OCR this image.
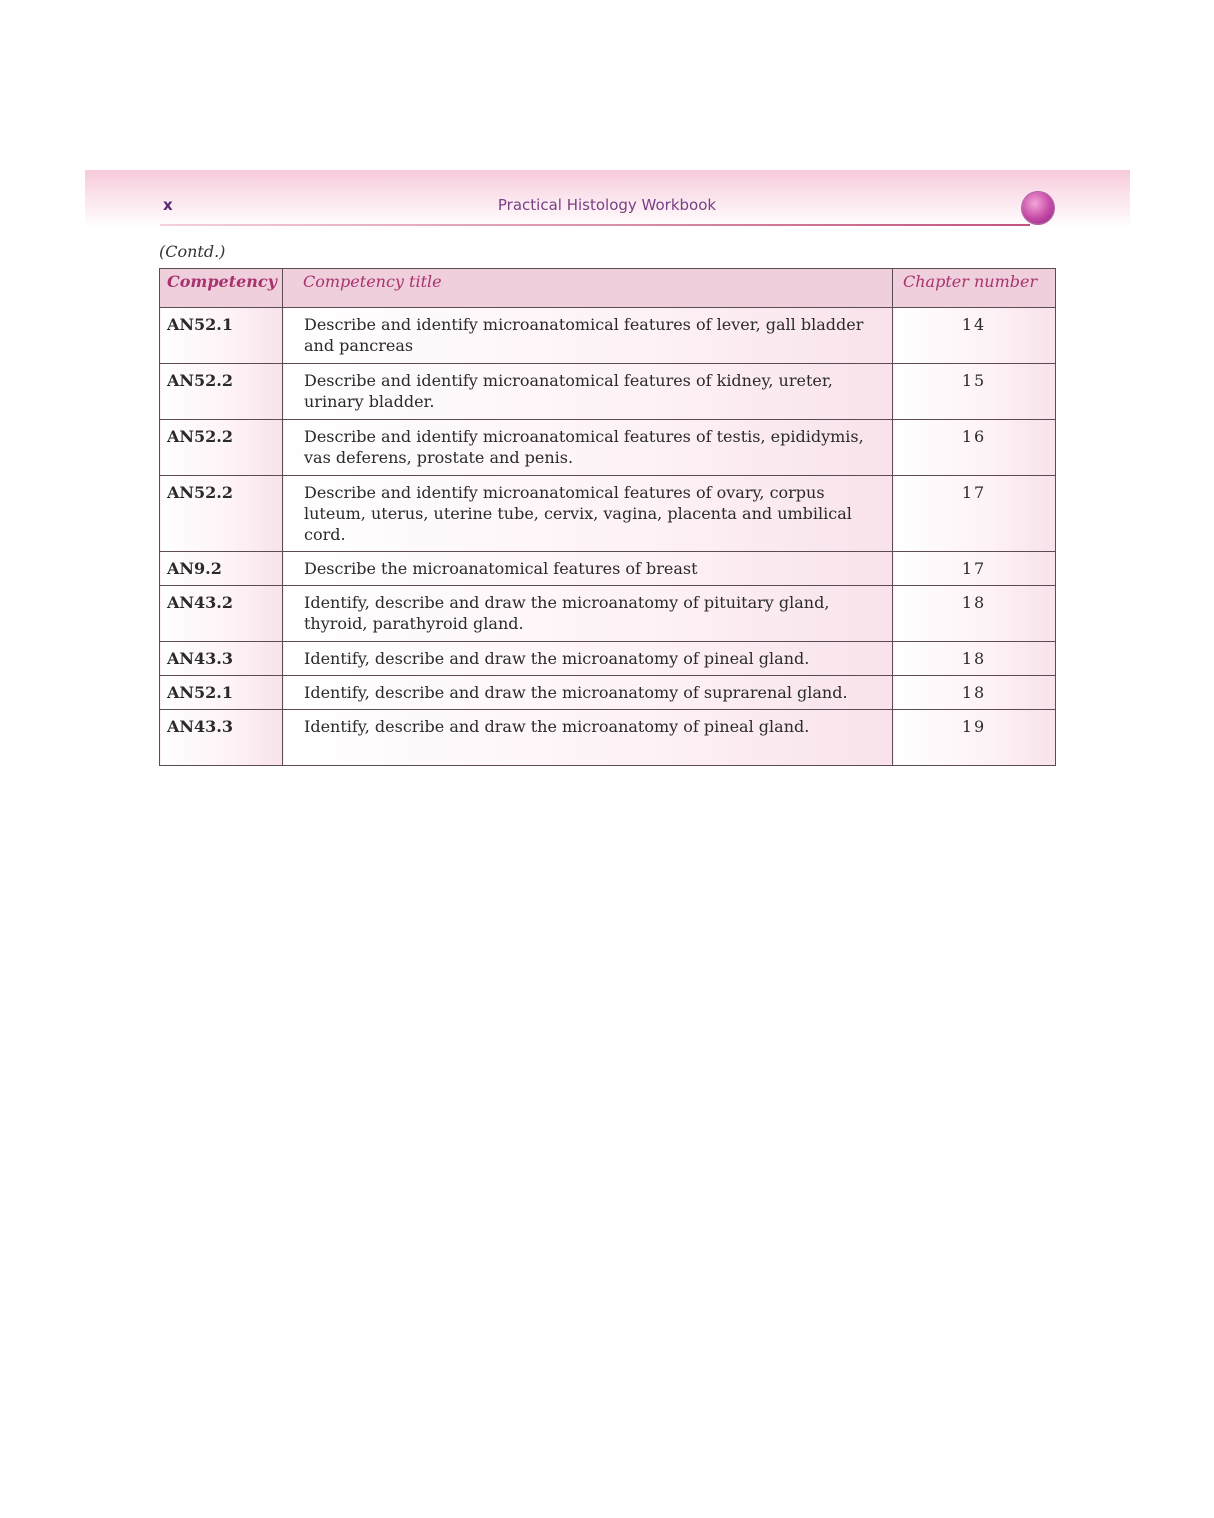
x	Practical Histology Workbook
(Contd.)
Competency	Competency title	Chapter number
AN52.1	Describe and identify microanatomical features of lever, gall bladder and pancreas	14
AN52.2	Describe and identify microanatomical features of kidney, ureter, urinary bladder.	15
AN52.2	Describe and identify microanatomical features of testis, epididymis, vas deferens, prostate and penis.	16
AN52.2	Describe and identify microanatomical features of ovary, corpus luteum, uterus, uterine tube, cervix, vagina, placenta and umbilical cord.	17
AN9.2	Describe the microanatomical features of breast	17
AN43.2	Identify, describe and draw the microanatomy of pituitary gland, thyroid, parathyroid gland.	18
AN43.3	Identify, describe and draw the microanatomy of pineal gland.	18
AN52.1	Identify, describe and draw the microanatomy of suprarenal gland.	18
AN43.3	Identify, describe and draw the microanatomy of pineal gland.	19
